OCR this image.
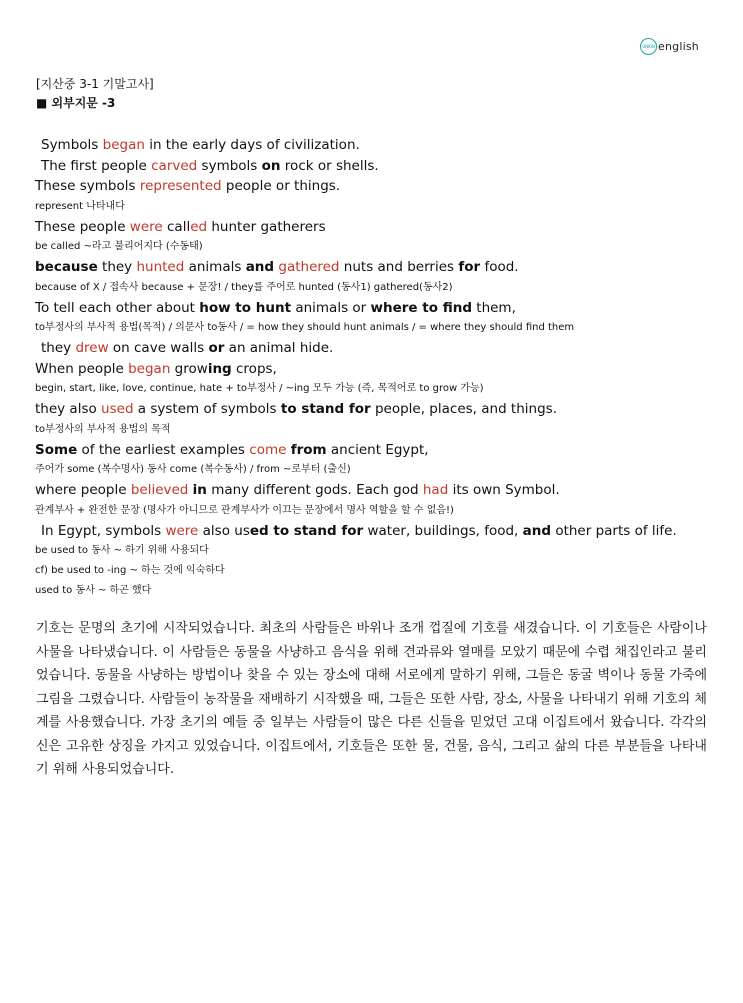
UNION english
[지산중 3-1 기말고사]
■ 외부지문 -3
Symbols began in the early days of civilization.
The first people carved symbols on rock or shells.
These symbols represented people or things.
represent 나타내다
These people were called hunter gatherers
be called ~라고 불리어지다 (수동태)
because they hunted animals and gathered nuts and berries for food.
because of X / 접속사 because + 문장! / they를 주어로 hunted (동사1) gathered(동사2)
To tell each other about how to hunt animals or where to find them,
to부정사의 부사적 용법(목적) / 의문사 to동사 / = how they should hunt animals / = where they should find them
they drew on cave walls or an animal hide.
When people began growing crops,
begin, start, like, love, continue, hate + to부정사 / ~ing 모두 가능 (즉, 목적어로 to grow 가능)
they also used a system of symbols to stand for people, places, and things.
to부정사의 부사적 용법의 목적
Some of the earliest examples come from ancient Egypt,
주어가 some (복수명사) 동사 come (복수동사) / from ~로부터 (출신)
where people believed in many different gods. Each god had its own Symbol.
관계부사 + 완전한 문장 (명사가 아니므로 관계부사가 이끄는 문장에서 명사 역할을 할 수 없음!)
In Egypt, symbols were also used to stand for water, buildings, food, and other parts of life.
be used to 동사 ~ 하기 위해 사용되다
cf) be used to -ing ~ 하는 것에 익숙하다
used to 동사 ~ 하곤 했다
기호는 문명의 초기에 시작되었습니다. 최초의 사람들은 바위나 조개 껍질에 기호를 새겼습니다. 이 기호들은 사람이나 사물을 나타냈습니다. 이 사람들은 동물을 사냥하고 음식을 위해 견과류와 열매를 모았기 때문에 수렵 채집인라고 불리었습니다. 동물을 사냥하는 방법이나 찾을 수 있는 장소에 대해 서로에게 말하기 위해, 그들은 동굴 벽이나 동물 가죽에 그림을 그렸습니다. 사람들이 농작물을 재배하기 시작했을 때, 그들은 또한 사람, 장소, 사물을 나타내기 위해 기호의 체계를 사용했습니다. 가장 초기의 예들 중 일부는 사람들이 많은 다른 신들을 믿었던 고대 이집트에서 왔습니다. 각각의 신은 고유한 상징을 가지고 있었습니다. 이집트에서, 기호들은 또한 물, 건물, 음식, 그리고 삶의 다른 부분들을 나타내기 위해 사용되었습니다.
